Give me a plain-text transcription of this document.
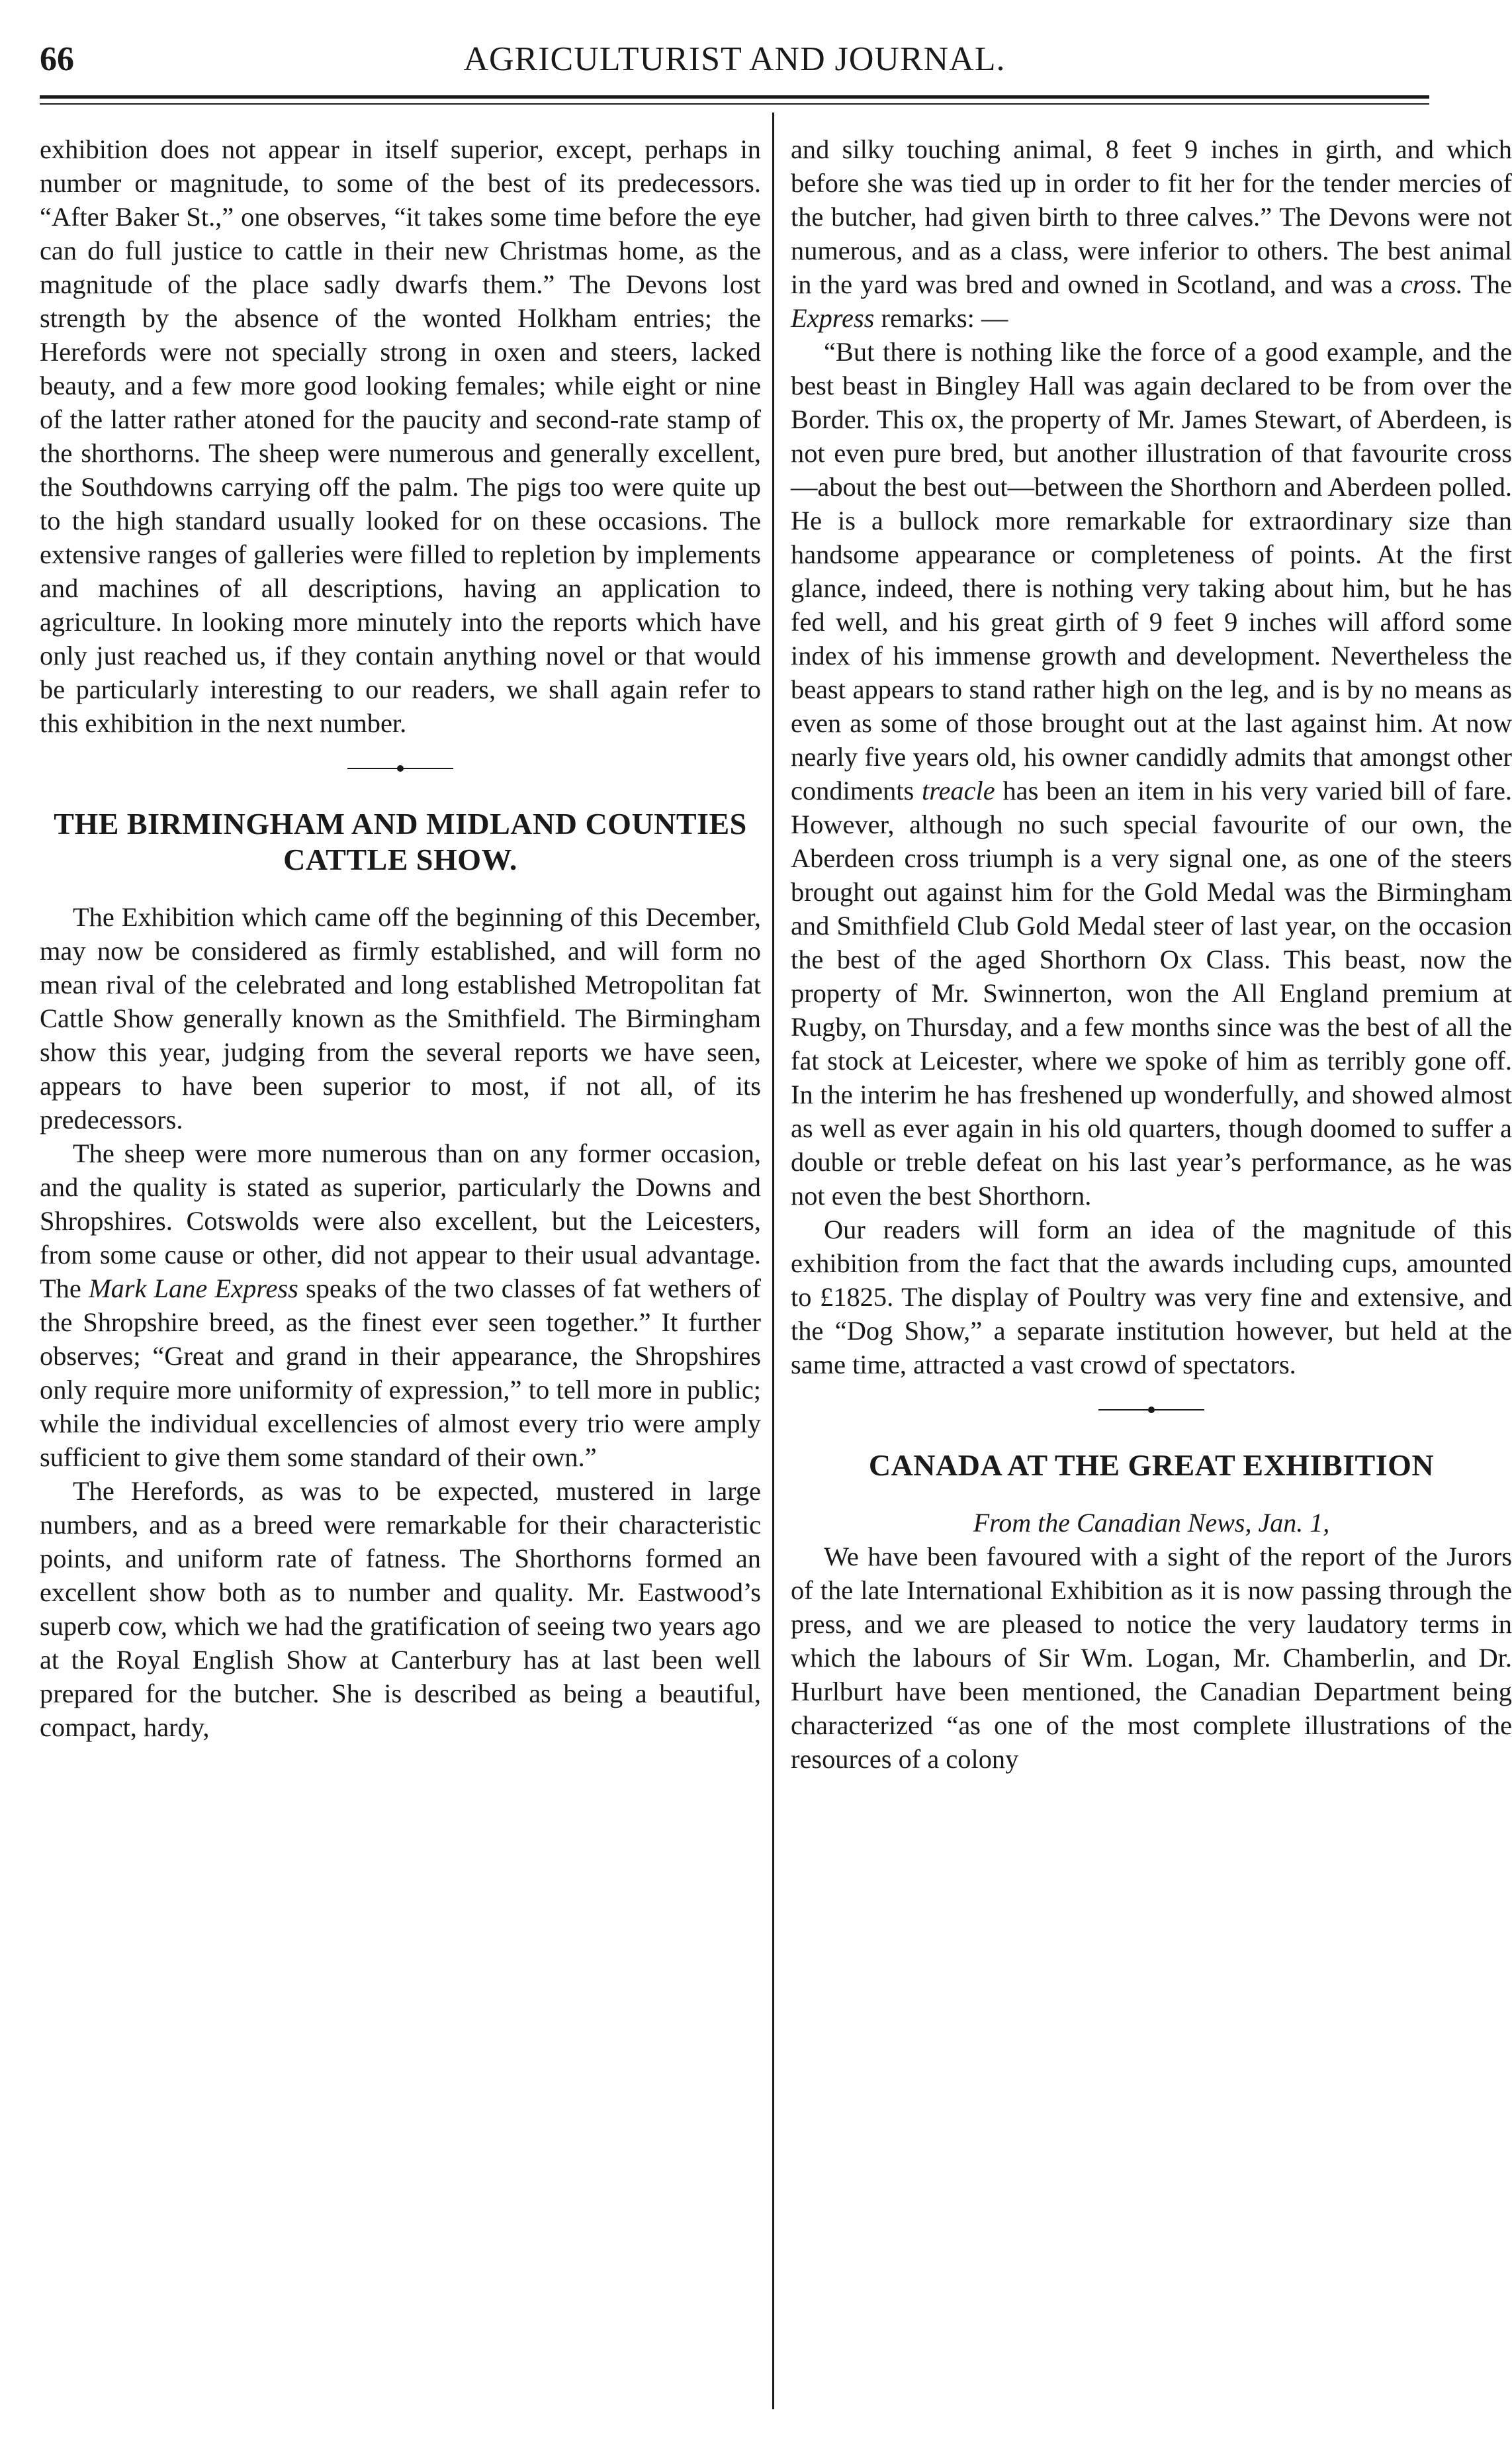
66	AGRICULTURIST AND JOURNAL.

exhibition does not appear in itself superior, except, perhaps in number or magnitude, to some of the best of its predecessors. “After Baker St.,” one observes, “it takes some time before the eye can do full justice to cattle in their new Christmas home, as the magnitude of the place sadly dwarfs them.” The Devons lost strength by the absence of the wonted Holkham entries; the Herefords were not specially strong in oxen and steers, lacked beauty, and a few more good looking females; while eight or nine of the latter rather atoned for the paucity and second-rate stamp of the shorthorns. The sheep were numerous and generally excellent, the Southdowns carrying off the palm. The pigs too were quite up to the high standard usually looked for on these occasions. The extensive ranges of galleries were filled to repletion by implements and machines of all descriptions, having an application to agriculture. In looking more minutely into the reports which have only just reached us, if they contain anything novel or that would be particularly interesting to our readers, we shall again refer to this exhibition in the next number.

THE BIRMINGHAM AND MIDLAND COUNTIES CATTLE SHOW.

The Exhibition which came off the beginning of this December, may now be considered as firmly established, and will form no mean rival of the celebrated and long established Metropolitan fat Cattle Show generally known as the Smithfield. The Birmingham show this year, judging from the several reports we have seen, appears to have been superior to most, if not all, of its predecessors.

The sheep were more numerous than on any former occasion, and the quality is stated as superior, particularly the Downs and Shropshires. Cotswolds were also excellent, but the Leicesters, from some cause or other, did not appear to their usual advantage. The Mark Lane Express speaks of the two classes of fat wethers of the Shropshire breed, as the finest ever seen together.” It further observes; “Great and grand in their appearance, the Shropshires only require more uniformity of expression,” to tell more in public; while the individual excellencies of almost every trio were amply sufficient to give them some standard of their own.”

The Herefords, as was to be expected, mustered in large numbers, and as a breed were remarkable for their characteristic points, and uniform rate of fatness. The Shorthorns formed an excellent show both as to number and quality. Mr. Eastwood’s superb cow, which we had the gratification of seeing two years ago at the Royal English Show at Canterbury has at last been well prepared for the butcher. She is described as being a beautiful, compact, hardy,

and silky touching animal, 8 feet 9 inches in girth, and which before she was tied up in order to fit her for the tender mercies of the butcher, had given birth to three calves.” The Devons were not numerous, and as a class, were inferior to others. The best animal in the yard was bred and owned in Scotland, and was a cross. The Express remarks: —

“But there is nothing like the force of a good example, and the best beast in Bingley Hall was again declared to be from over the Border. This ox, the property of Mr. James Stewart, of Aberdeen, is not even pure bred, but another illustration of that favourite cross —about the best out—between the Shorthorn and Aberdeen polled. He is a bullock more remarkable for extraordinary size than handsome appearance or completeness of points. At the first glance, indeed, there is nothing very taking about him, but he has fed well, and his great girth of 9 feet 9 inches will afford some index of his immense growth and development. Nevertheless the beast appears to stand rather high on the leg, and is by no means as even as some of those brought out at the last against him. At now nearly five years old, his owner candidly admits that amongst other condiments treacle has been an item in his very varied bill of fare. However, although no such special favourite of our own, the Aberdeen cross triumph is a very signal one, as one of the steers brought out against him for the Gold Medal was the Birmingham and Smithfield Club Gold Medal steer of last year, on the occasion the best of the aged Shorthorn Ox Class. This beast, now the property of Mr. Swinnerton, won the All England premium at Rugby, on Thursday, and a few months since was the best of all the fat stock at Leicester, where we spoke of him as terribly gone off. In the interim he has freshened up wonderfully, and showed almost as well as ever again in his old quarters, though doomed to suffer a double or treble defeat on his last year’s performance, as he was not even the best Shorthorn.

Our readers will form an idea of the magnitude of this exhibition from the fact that the awards including cups, amounted to £1825. The display of Poultry was very fine and extensive, and the “Dog Show,” a separate institution however, but held at the same time, attracted a vast crowd of spectators.

CANADA AT THE GREAT EXHIBITION

From the Canadian News, Jan. 1,

We have been favoured with a sight of the report of the Jurors of the late International Exhibition as it is now passing through the press, and we are pleased to notice the very laudatory terms in which the labours of Sir Wm. Logan, Mr. Chamberlin, and Dr. Hurlburt have been mentioned, the Canadian Department being characterized “as one of the most complete illustrations of the resources of a colony
